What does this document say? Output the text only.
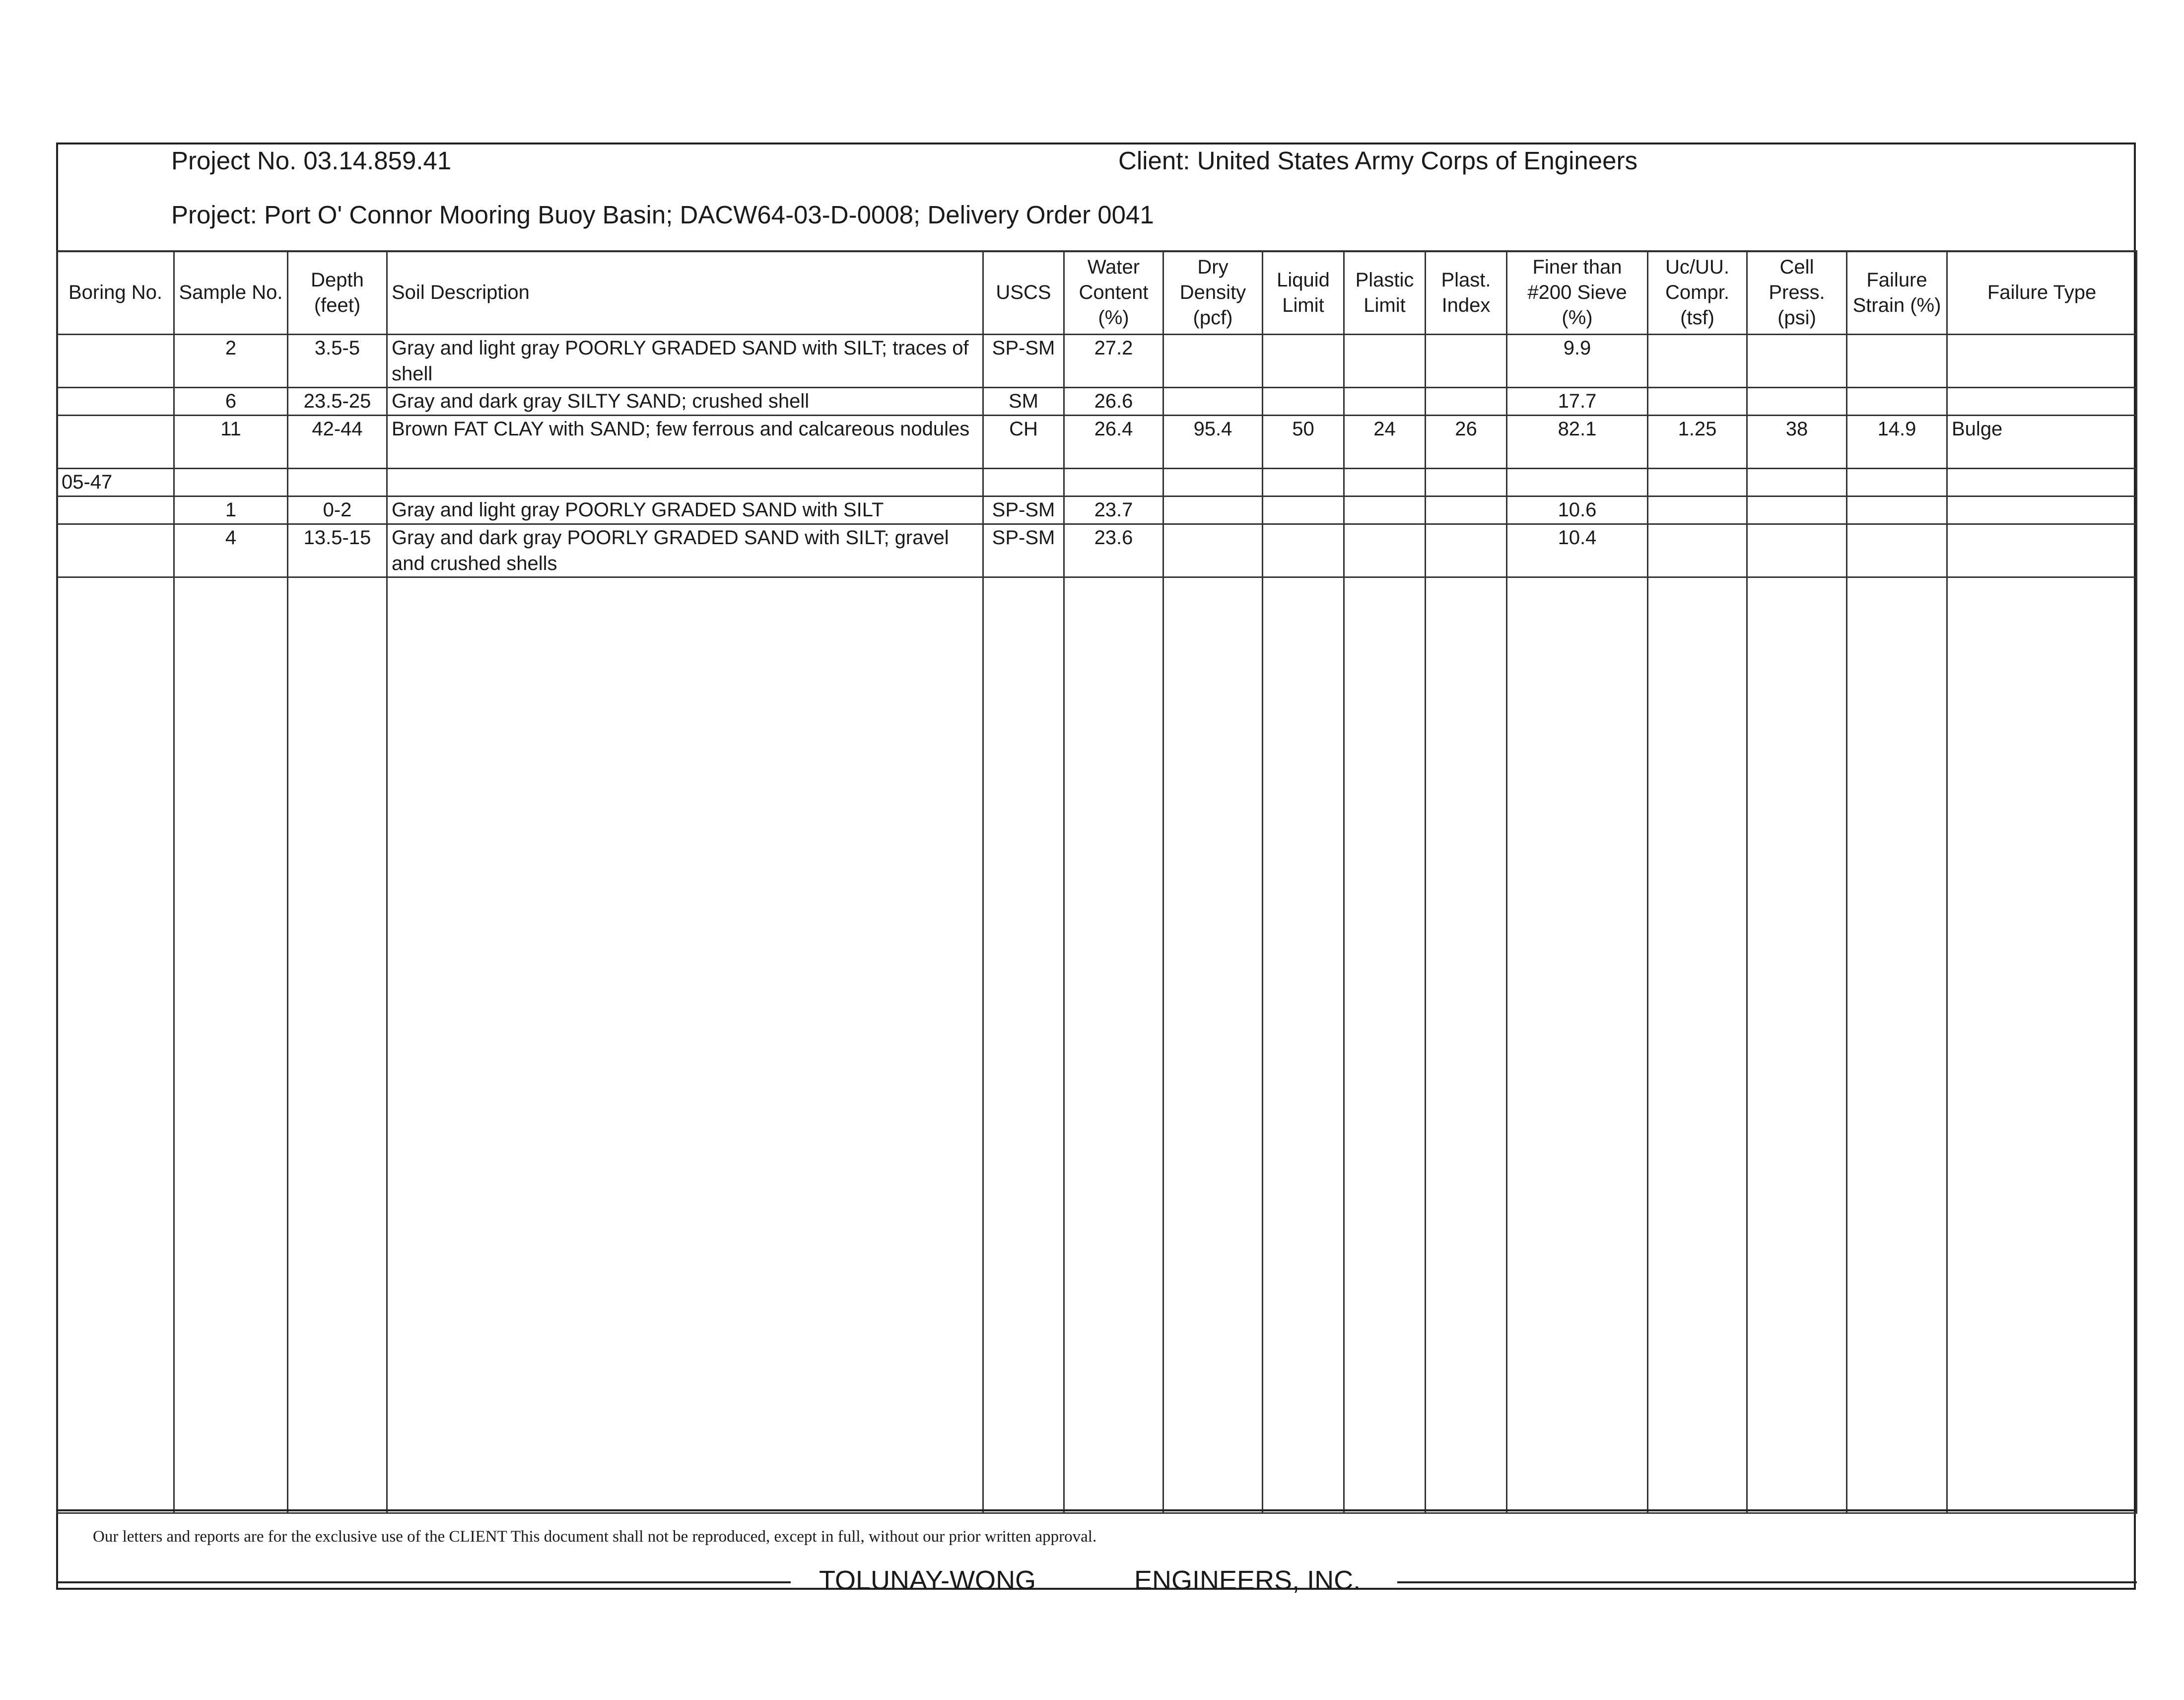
Project No. 03.14.859.41	Client: United States Army Corps of Engineers
Project: Port O' Connor Mooring Buoy Basin; DACW64-03-D-0008; Delivery Order 0041
Boring No.	Sample No.	Depth (feet)	Soil Description	USCS	Water Content (%)	Dry Density (pcf)	Liquid Limit	Plastic Limit	Plast. Index	Finer than #200 Sieve (%)	Uc/UU. Compr. (tsf)	Cell Press. (psi)	Failure Strain (%)	Failure Type
	2	3.5-5	Gray and light gray POORLY GRADED SAND with SILT; traces of shell	SP-SM	27.2					9.9				
	6	23.5-25	Gray and dark gray SILTY SAND; crushed shell	SM	26.6					17.7				
	11	42-44	Brown FAT CLAY with SAND; few ferrous and calcareous nodules	CH	26.4	95.4	50	24	26	82.1	1.25	38	14.9	Bulge
05-47														
	1	0-2	Gray and light gray POORLY GRADED SAND with SILT	SP-SM	23.7					10.6				
	4	13.5-15	Gray and dark gray POORLY GRADED SAND with SILT; gravel and crushed shells	SP-SM	23.6					10.4				

Our letters and reports are for the exclusive use of the CLIENT This document shall not be reproduced, except in full, without our prior written approval.
TOLUNAY-WONG	ENGINEERS, INC.
